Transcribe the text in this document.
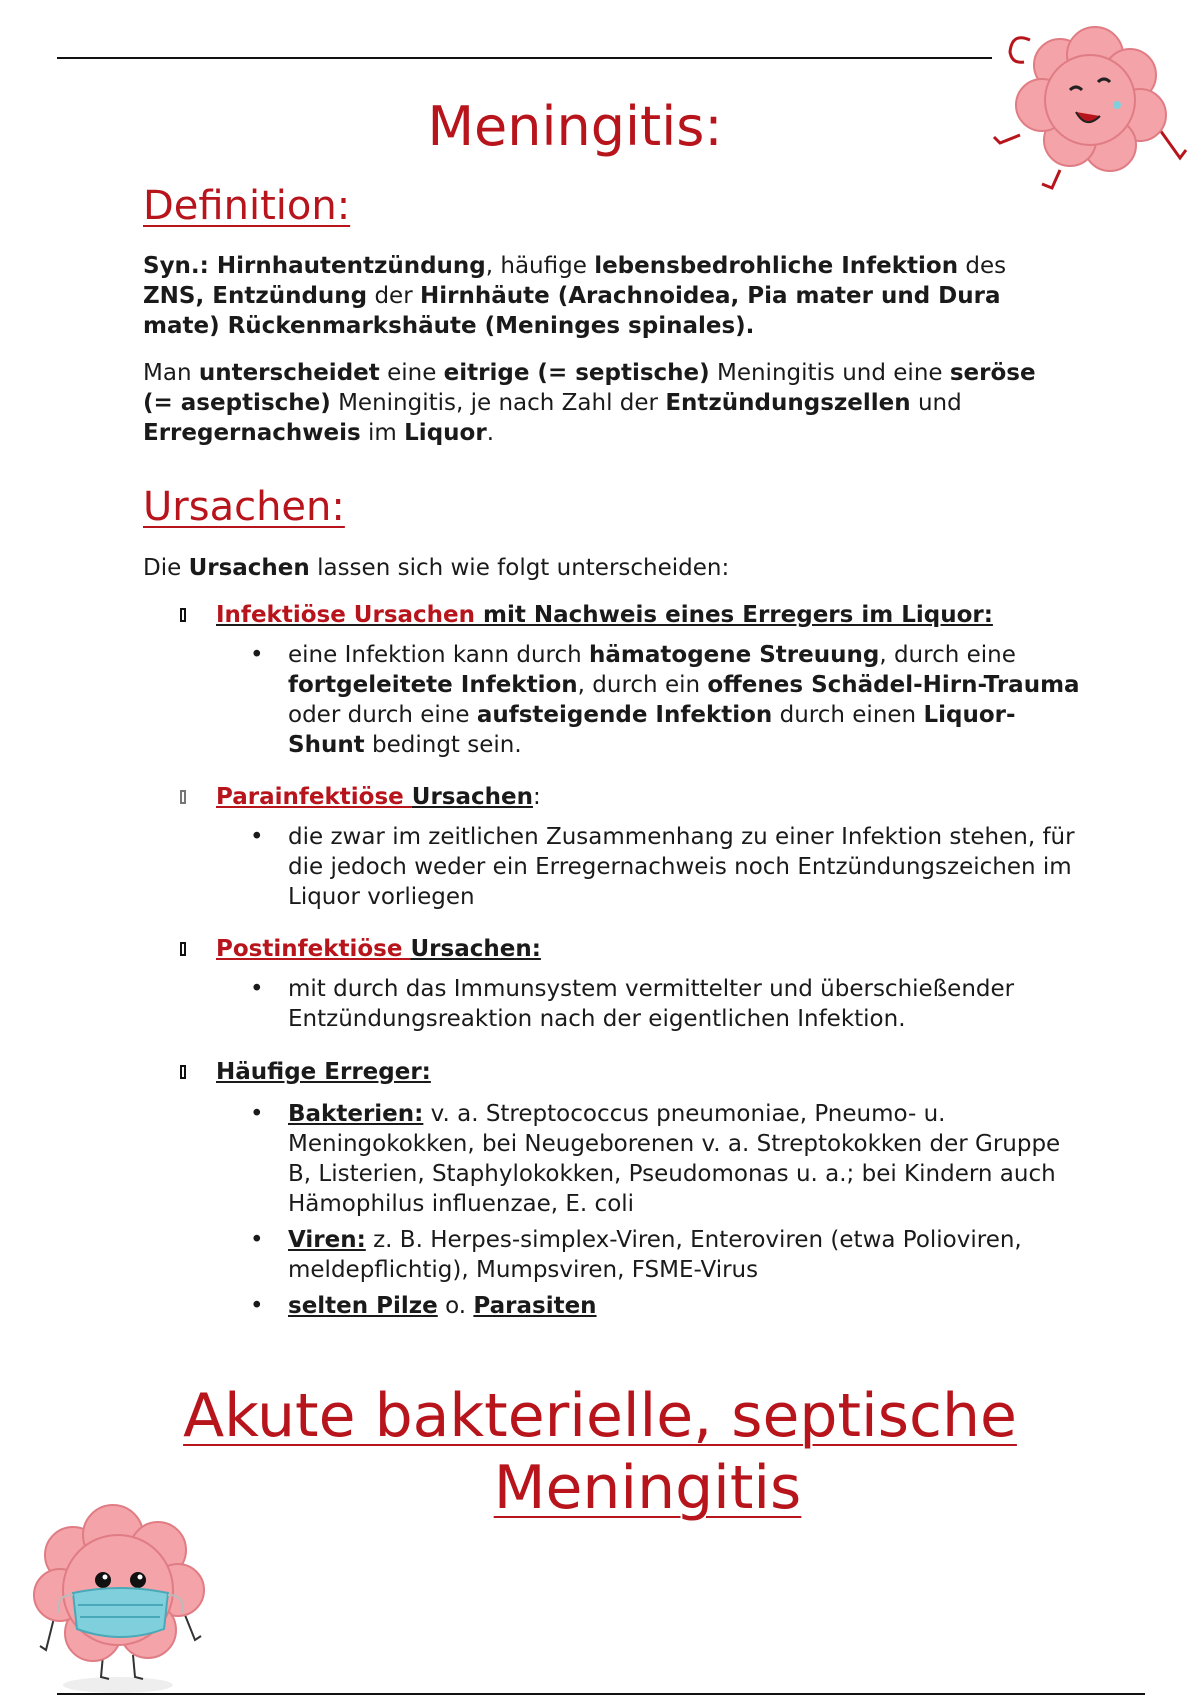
Meningitis:
Definition:

Syn.: Hirnhautentzündung, häufige lebensbedrohliche Infektion des ZNS, Entzündung der Hirnhäute (Arachnoidea, Pia mater und Dura mate) Rückenmarkshäute (Meninges spinales).

Man unterscheidet eine eitrige (= septische) Meningitis und eine seröse (= aseptische) Meningitis, je nach Zahl der Entzündungszellen und Erregernachweis im Liquor.

Ursachen:

Die Ursachen lassen sich wie folgt unterscheiden:

Infektiöse Ursachen mit Nachweis eines Erregers im Liquor:
• eine Infektion kann durch hämatogene Streuung, durch eine fortgeleitete Infektion, durch ein offenes Schädel-Hirn-Trauma oder durch eine aufsteigende Infektion durch einen Liquor-Shunt bedingt sein.
Parainfektiöse Ursachen:
• die zwar im zeitlichen Zusammenhang zu einer Infektion stehen, für die jedoch weder ein Erregernachweis noch Entzündungszeichen im Liquor vorliegen
Postinfektiöse Ursachen:
• mit durch das Immunsystem vermittelter und überschießender Entzündungsreaktion nach der eigentlichen Infektion.
Häufige Erreger:
• Bakterien: v. a. Streptococcus pneumoniae, Pneumo- u. Meningokokken, bei Neugeborenen v. a. Streptokokken der Gruppe B, Listerien, Staphylokokken, Pseudomonas u. a.; bei Kindern auch Hämophilus influenzae, E. coli
• Viren: z. B. Herpes-simplex-Viren, Enteroviren (etwa Polioviren, meldepflichtig), Mumpsviren, FSME-Virus
• selten Pilze o. Parasiten
Akute bakterielle, septische
Meningitis
